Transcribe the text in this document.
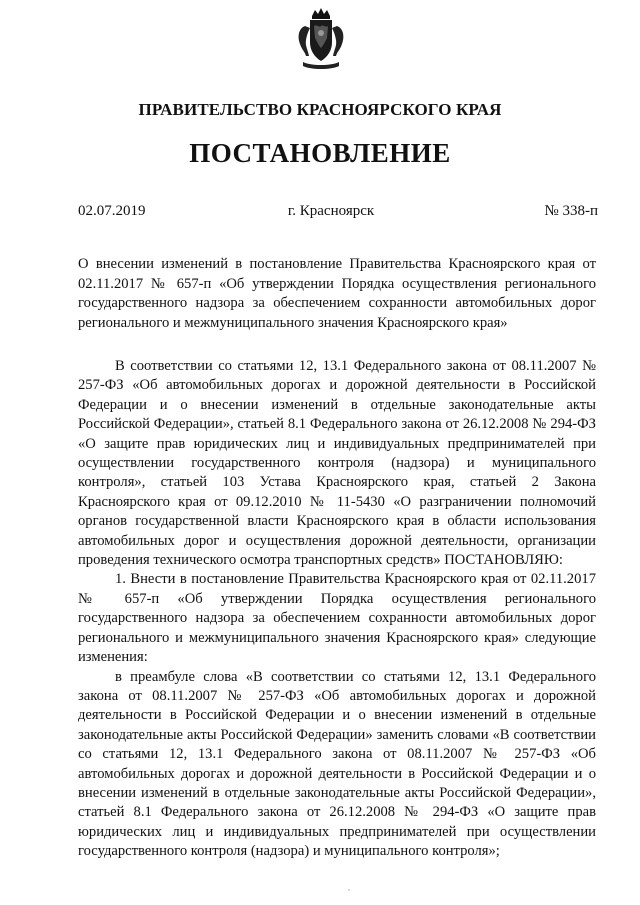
ПРАВИТЕЛЬСТВО КРАСНОЯРСКОГО КРАЯ
ПОСТАНОВЛЕНИЕ
02.07.2019	г. Красноярск	№ 338-п
О внесении изменений в постановление Правительства Красноярского края от 02.11.2017 № 657-п «Об утверждении Порядка осуществления регионального государственного надзора за обеспечением сохранности автомобильных дорог регионального и межмуниципального значения Красноярского края»

В соответствии со статьями 12, 13.1 Федерального закона от 08.11.2007 № 257-ФЗ «Об автомобильных дорогах и дорожной деятельности в Российской Федерации и о внесении изменений в отдельные законодательные акты Российской Федерации», статьей 8.1 Федерального закона от 26.12.2008 № 294-ФЗ «О защите прав юридических лиц и индивидуальных предпринимателей при осуществлении государственного контроля (надзора) и муниципального контроля», статьей 103 Устава Красноярского края, статьей 2 Закона Красноярского края от 09.12.2010 № 11-5430 «О разграничении полномочий органов государственной власти Красноярского края в области использования автомобильных дорог и осуществления дорожной деятельности, организации проведения технического осмотра транспортных средств» ПОСТАНОВЛЯЮ:

1. Внести в постановление Правительства Красноярского края от 02.11.2017 № 657-п «Об утверждении Порядка осуществления регионального государственного надзора за обеспечением сохранности автомобильных дорог регионального и межмуниципального значения Красноярского края» следующие изменения:

в преамбуле слова «В соответствии со статьями 12, 13.1 Федерального закона от 08.11.2007 № 257-ФЗ «Об автомобильных дорогах и дорожной деятельности в Российской Федерации и о внесении изменений в отдельные законодательные акты Российской Федерации» заменить словами «В соответствии со статьями 12, 13.1 Федерального закона от 08.11.2007 № 257-ФЗ «Об автомобильных дорогах и дорожной деятельности в Российской Федерации и о внесении изменений в отдельные законодательные акты Российской Федерации», статьей 8.1 Федерального закона от 26.12.2008 № 294-ФЗ «О защите прав юридических лиц и индивидуальных предпринимателей при осуществлении государственного контроля (надзора) и муниципального контроля»;
